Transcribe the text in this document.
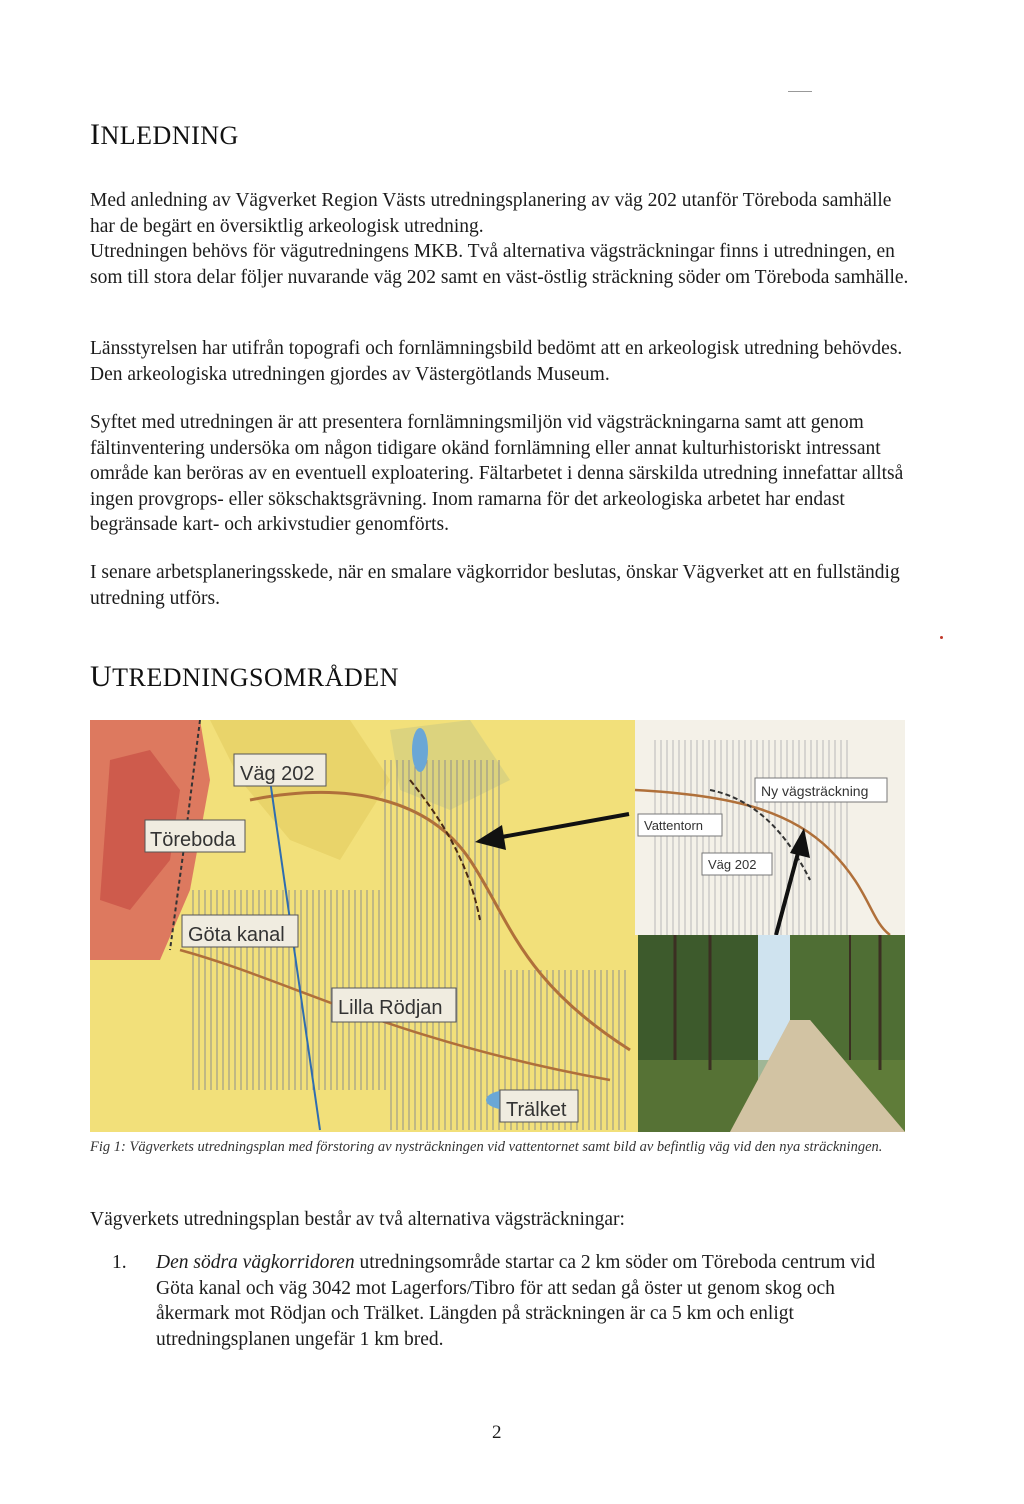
INLEDNING

Med anledning av Vägverket Region Västs utredningsplanering av väg 202 utanför Töreboda samhälle har de begärt en översiktlig arkeologisk utredning.
Utredningen behövs för vägutredningens MKB. Två alternativa vägsträckningar finns i utredningen, en som till stora delar följer nuvarande väg 202 samt en väst-östlig sträckning söder om Töreboda samhälle.

Länsstyrelsen har utifrån topografi och fornlämningsbild bedömt att en arkeologisk utredning behövdes. Den arkeologiska utredningen gjordes av Västergötlands Museum.

Syftet med utredningen är att presentera fornlämningsmiljön vid vägsträckningarna samt att genom fältinventering undersöka om någon tidigare okänd fornlämning eller annat kulturhistoriskt intressant område kan beröras av en eventuell exploatering. Fältarbetet i denna särskilda utredning innefattar alltså ingen provgrops- eller sökschaktsgrävning. Inom ramarna för det arkeologiska arbetet har endast begränsade kart- och arkivstudier genomförts.

I senare arbetsplaneringsskede, när en smalare vägkorridor beslutas, önskar Vägverket att en fullständig utredning utförs.

UTREDNINGSOMRÅDEN
Väg 202
Töreboda
Göta kanal
Lilla Rödjan
Trälket
Ny vägsträckning
Vattentorn
Väg 202

Fig 1: Vägverkets utredningsplan med förstoring av nysträckningen vid vattentornet samt bild av befintlig väg vid den nya sträckningen.

Vägverkets utredningsplan består av två alternativa vägsträckningar:

1. Den södra vägkorridoren utredningsområde startar ca 2 km söder om Töreboda centrum vid Göta kanal och väg 3042 mot Lagerfors/Tibro för att sedan gå öster ut genom skog och åkermark mot Rödjan och Trälket. Längden på sträckningen är ca 5 km och enligt utredningsplanen ungefär 1 km bred.

2
